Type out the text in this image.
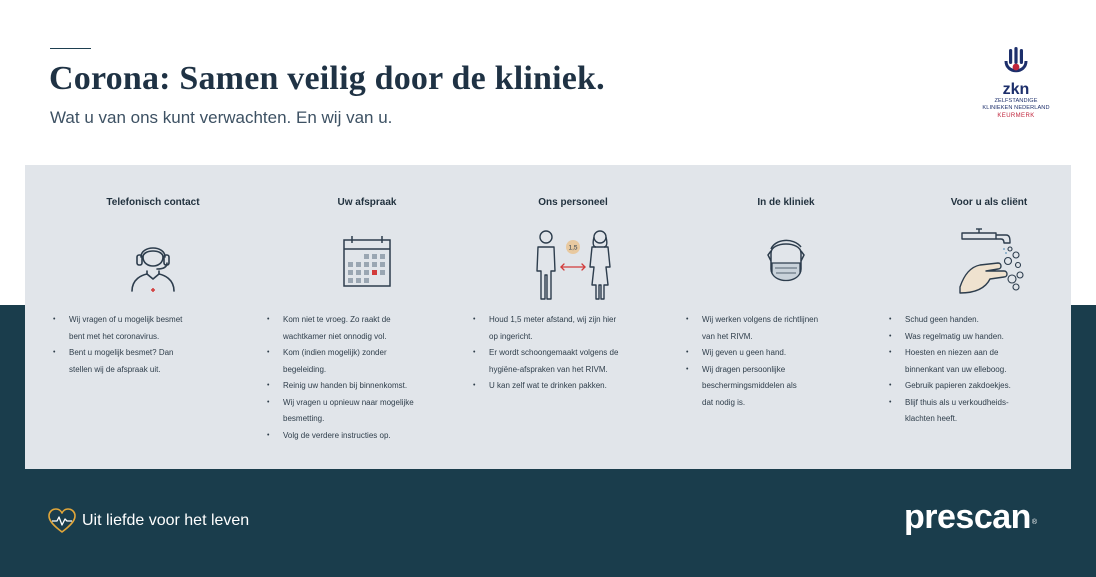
Corona: Samen veilig door de kliniek.

Wat u van ons kunt verwachten. En wij van u.

zkn
ZELFSTANDIGE
KLINIEKEN NEDERLAND
KEURMERK
Telefonisch contact
• Wij vragen of u mogelijk besmet
bent met het coronavirus.
• Bent u mogelijk besmet? Dan
stellen wij de afspraak uit.
Uw afspraak
• Kom niet te vroeg. Zo raakt de
wachtkamer niet onnodig vol.
• Kom (indien mogelijk) zonder
begeleiding.
• Reinig uw handen bij binnenkomst.
• Wij vragen u opnieuw naar mogelijke
besmetting.
• Volg de verdere instructies op.
Ons personeel
1,5
• Houd 1,5 meter afstand, wij zijn hier
op ingericht.
• Er wordt schoongemaakt volgens de
hygiëne-afspraken van het RIVM.
• U kan zelf wat te drinken pakken.
In de kliniek
• Wij werken volgens de richtlijnen
van het RIVM.
• Wij geven u geen hand.
• Wij dragen persoonlijke
beschermingsmiddelen als
dat nodig is.
Voor u als cliënt
• Schud geen handen.
• Was regelmatig uw handen.
• Hoesten en niezen aan de
binnenkant van uw elleboog.
• Gebruik papieren zakdoekjes.
• Blijf thuis als u verkoudheids-
klachten heeft.
Uit liefde voor het leven	prescan®
